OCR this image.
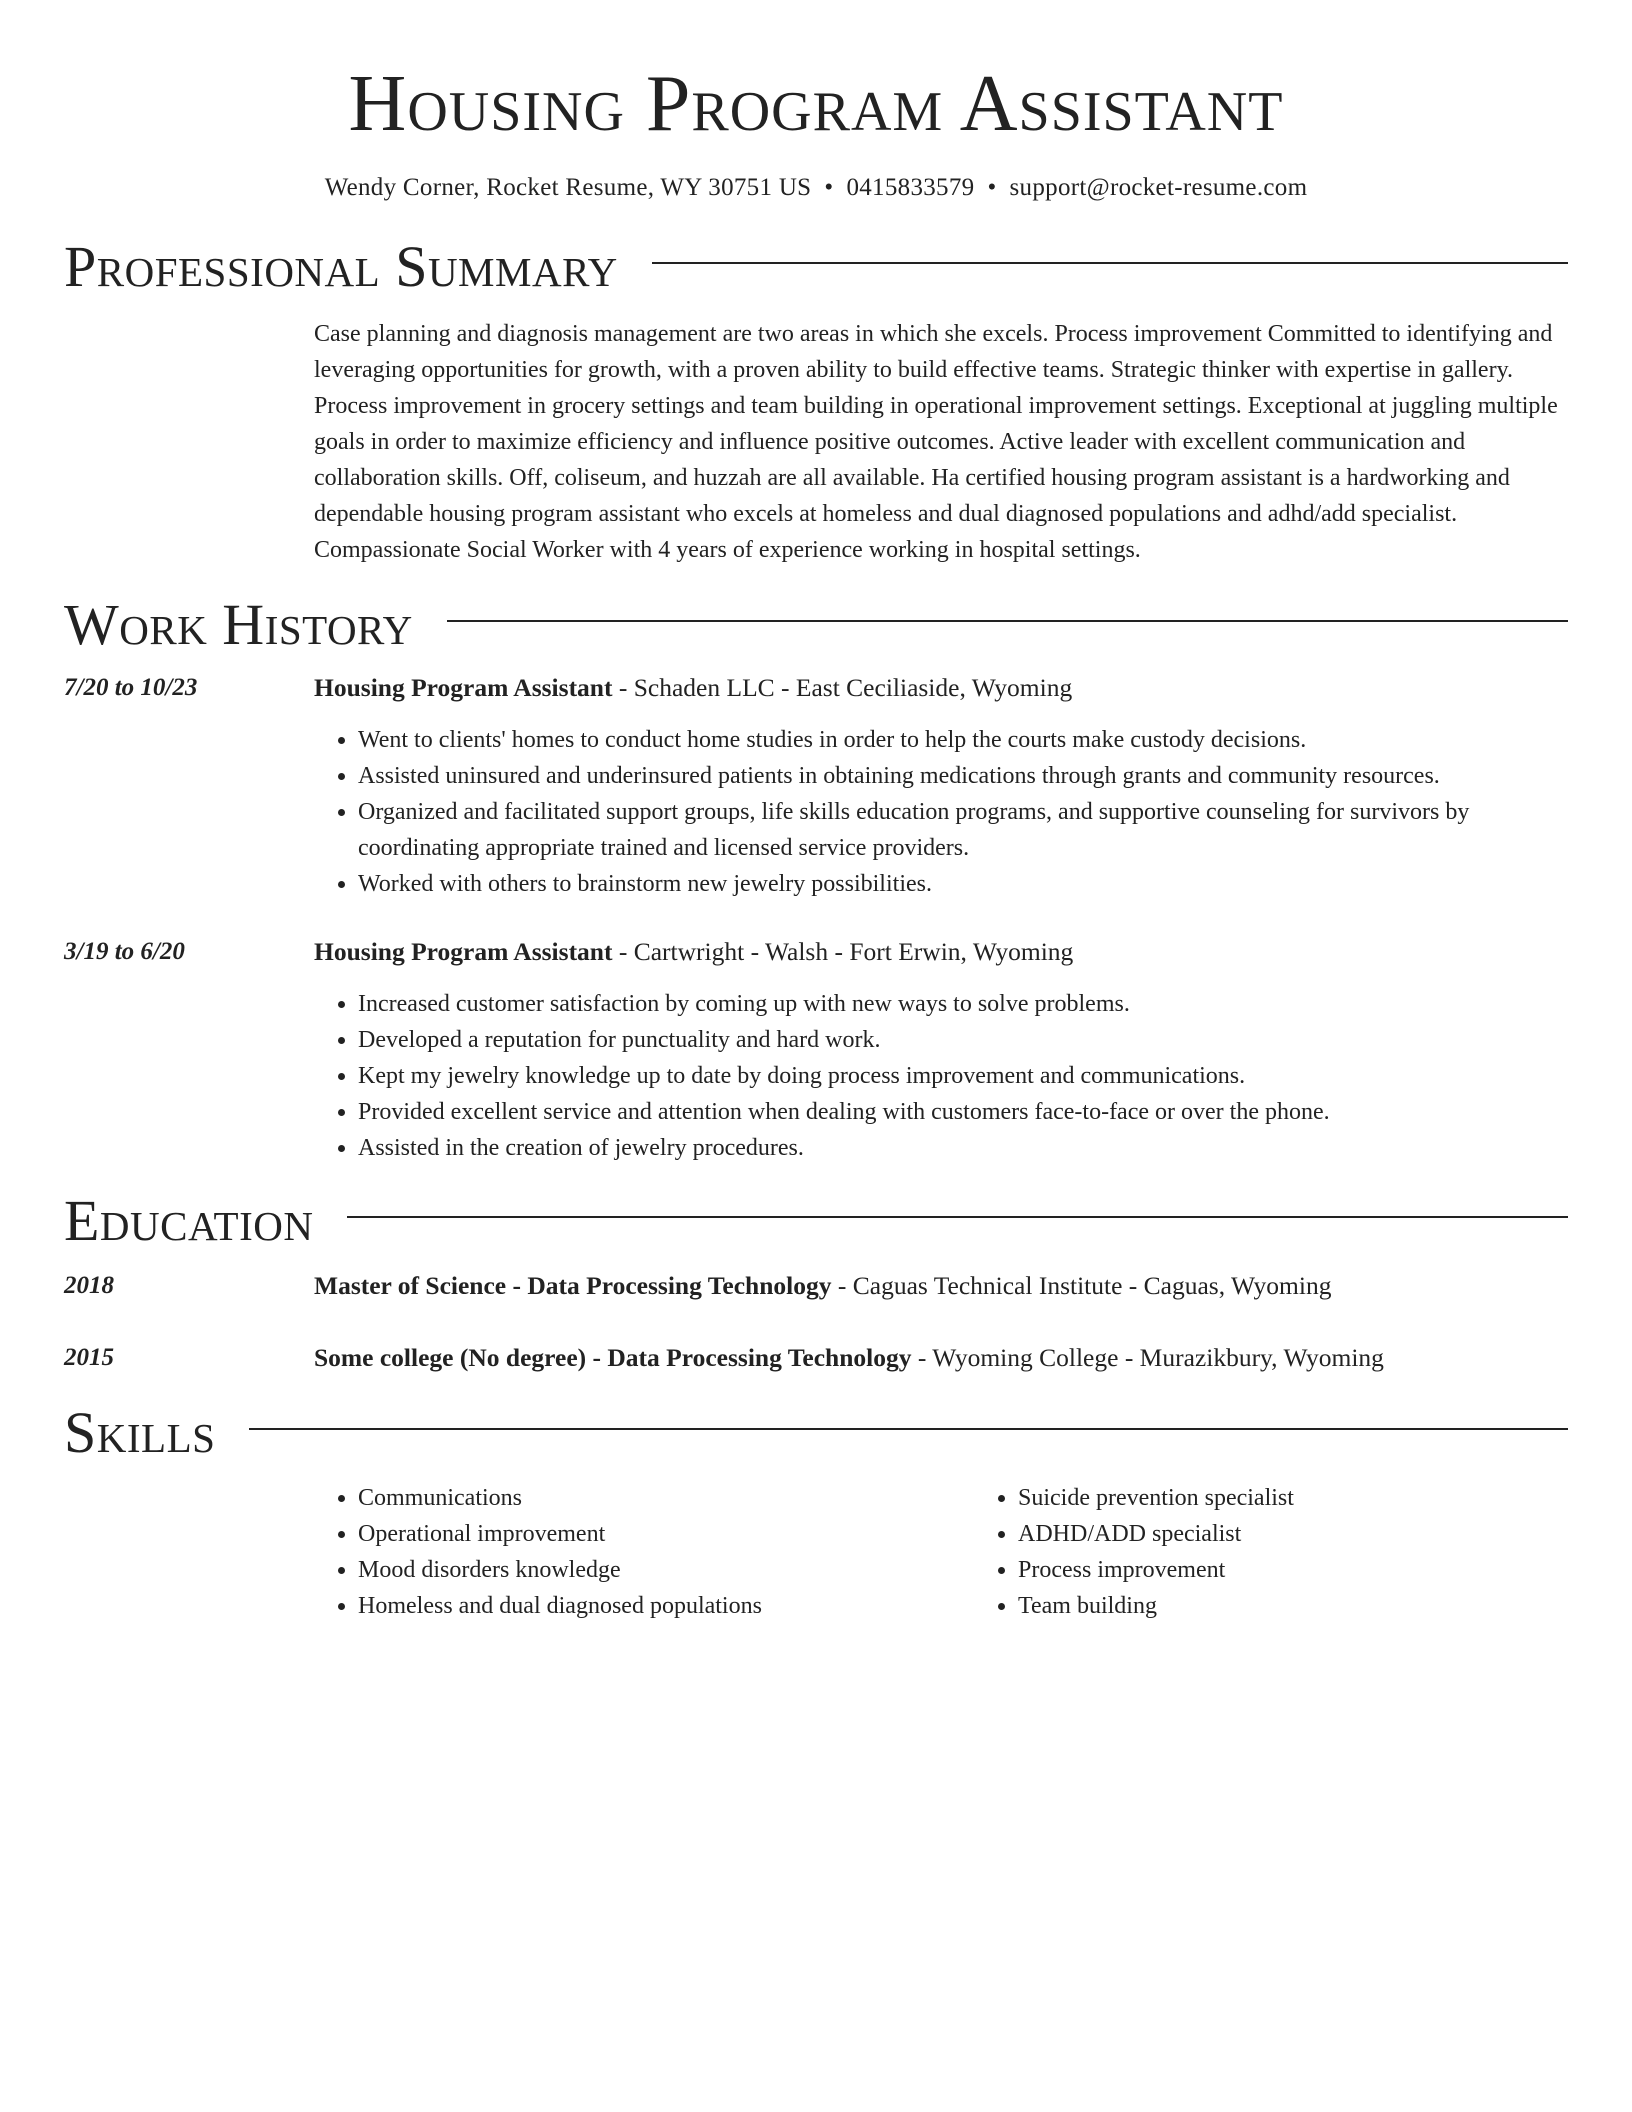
Housing Program Assistant
Wendy Corner, Rocket Resume, WY 30751 US • 0415833579 • support@rocket-resume.com
Professional Summary
Case planning and diagnosis management are two areas in which she excels. Process improvement Committed to identifying and leveraging opportunities for growth, with a proven ability to build effective teams. Strategic thinker with expertise in gallery. Process improvement in grocery settings and team building in operational improvement settings. Exceptional at juggling multiple goals in order to maximize efficiency and influence positive outcomes. Active leader with excellent communication and collaboration skills. Off, coliseum, and huzzah are all available. Ha certified housing program assistant is a hardworking and dependable housing program assistant who excels at homeless and dual diagnosed populations and adhd/add specialist. Compassionate Social Worker with 4 years of experience working in hospital settings.
Work History
7/20 to 10/23	Housing Program Assistant - Schaden LLC - East Ceciliaside, Wyoming
• Went to clients' homes to conduct home studies in order to help the courts make custody decisions.
• Assisted uninsured and underinsured patients in obtaining medications through grants and community resources.
• Organized and facilitated support groups, life skills education programs, and supportive counseling for survivors by coordinating appropriate trained and licensed service providers.
• Worked with others to brainstorm new jewelry possibilities.
3/19 to 6/20	Housing Program Assistant - Cartwright - Walsh - Fort Erwin, Wyoming
• Increased customer satisfaction by coming up with new ways to solve problems.
• Developed a reputation for punctuality and hard work.
• Kept my jewelry knowledge up to date by doing process improvement and communications.
• Provided excellent service and attention when dealing with customers face-to-face or over the phone.
• Assisted in the creation of jewelry procedures.
Education
2018	Master of Science - Data Processing Technology - Caguas Technical Institute - Caguas, Wyoming
2015	Some college (No degree) - Data Processing Technology - Wyoming College - Murazikbury, Wyoming
Skills
• Communications
• Operational improvement
• Mood disorders knowledge
• Homeless and dual diagnosed populations
• Suicide prevention specialist
• ADHD/ADD specialist
• Process improvement
• Team building
